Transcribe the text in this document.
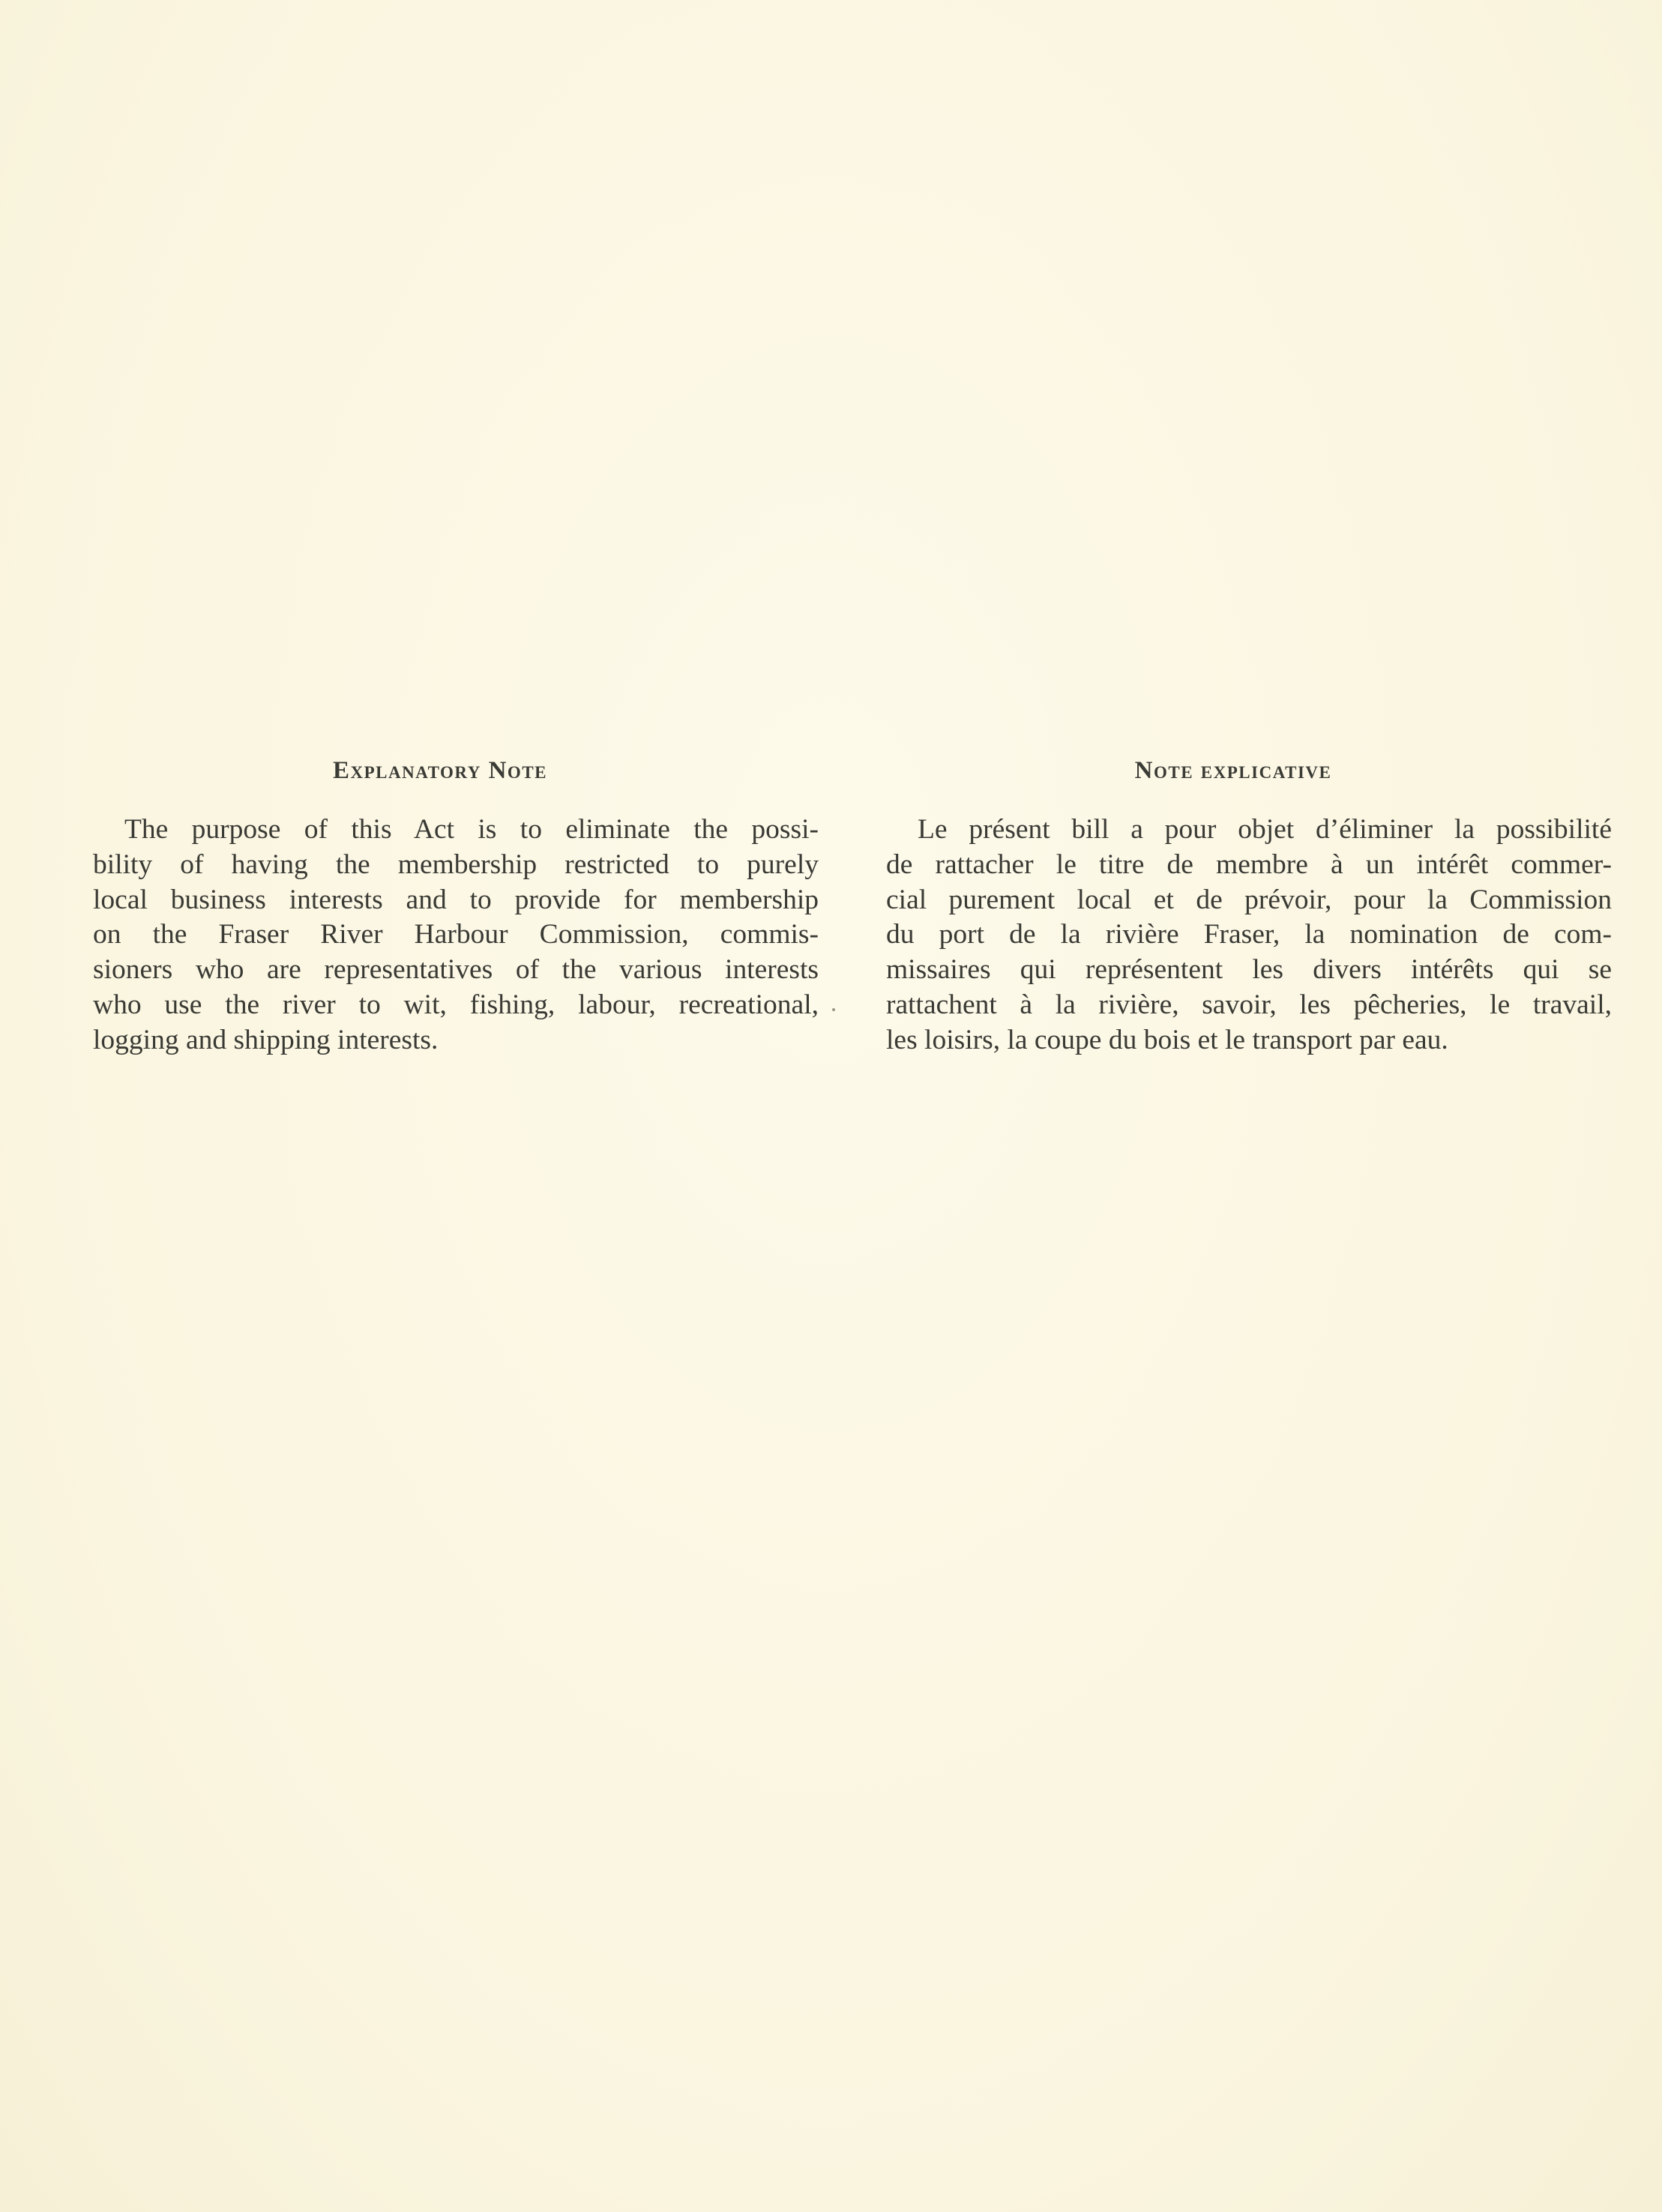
Explanatory Note

The purpose of this Act is to eliminate the possi-
bility of having the membership restricted to purely
local business interests and to provide for membership
on the Fraser River Harbour Commission, commis-
sioners who are representatives of the various interests
who use the river to wit, fishing, labour, recreational,
logging and shipping interests.

Note explicative

Le présent bill a pour objet d’éliminer la possibilité
de rattacher le titre de membre à un intérêt commer-
cial purement local et de prévoir, pour la Commission
du port de la rivière Fraser, la nomination de com-
missaires qui représentent les divers intérêts qui se
rattachent à la rivière, savoir, les pêcheries, le travail,
les loisirs, la coupe du bois et le transport par eau.
